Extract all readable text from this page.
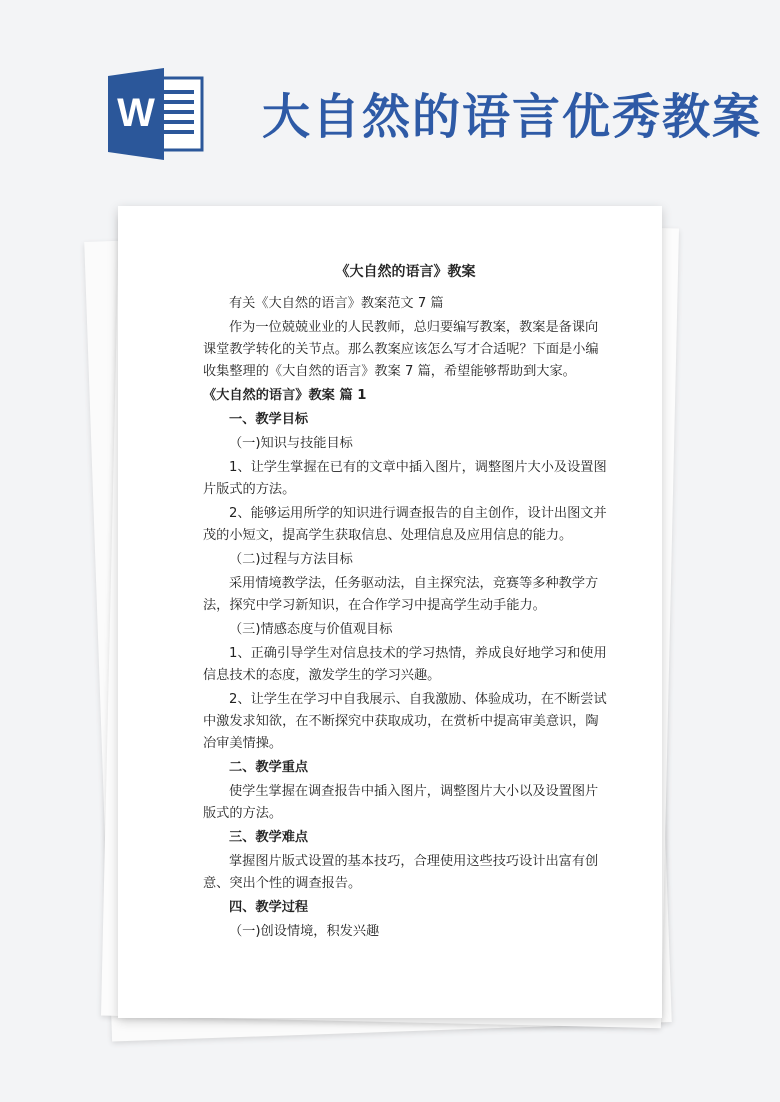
W 大自然的语言优秀教案
《大自然的语言》教案
有关《大自然的语言》教案范文 7 篇
作为一位兢兢业业的人民教师，总归要编写教案，教案是备课向课堂教学转化的关节点。那么教案应该怎么写才合适呢？下面是小编收集整理的《大自然的语言》教案 7 篇，希望能够帮助到大家。
《大自然的语言》教案 篇 1
一、教学目标
（一)知识与技能目标
1、让学生掌握在已有的文章中插入图片，调整图片大小及设置图片版式的方法。
2、能够运用所学的知识进行调查报告的自主创作，设计出图文并茂的小短文，提高学生获取信息、处理信息及应用信息的能力。
（二)过程与方法目标
采用情境教学法，任务驱动法，自主探究法，竞赛等多种教学方法，探究中学习新知识，在合作学习中提高学生动手能力。
（三)情感态度与价值观目标
1、正确引导学生对信息技术的学习热情，养成良好地学习和使用信息技术的态度，激发学生的学习兴趣。
2、让学生在学习中自我展示、自我激励、体验成功，在不断尝试中激发求知欲，在不断探究中获取成功，在赏析中提高审美意识，陶冶审美情操。
二、教学重点
使学生掌握在调查报告中插入图片，调整图片大小以及设置图片版式的方法。
三、教学难点
掌握图片版式设置的基本技巧，合理使用这些技巧设计出富有创意、突出个性的调查报告。
四、教学过程
（一)创设情境，积发兴趣
